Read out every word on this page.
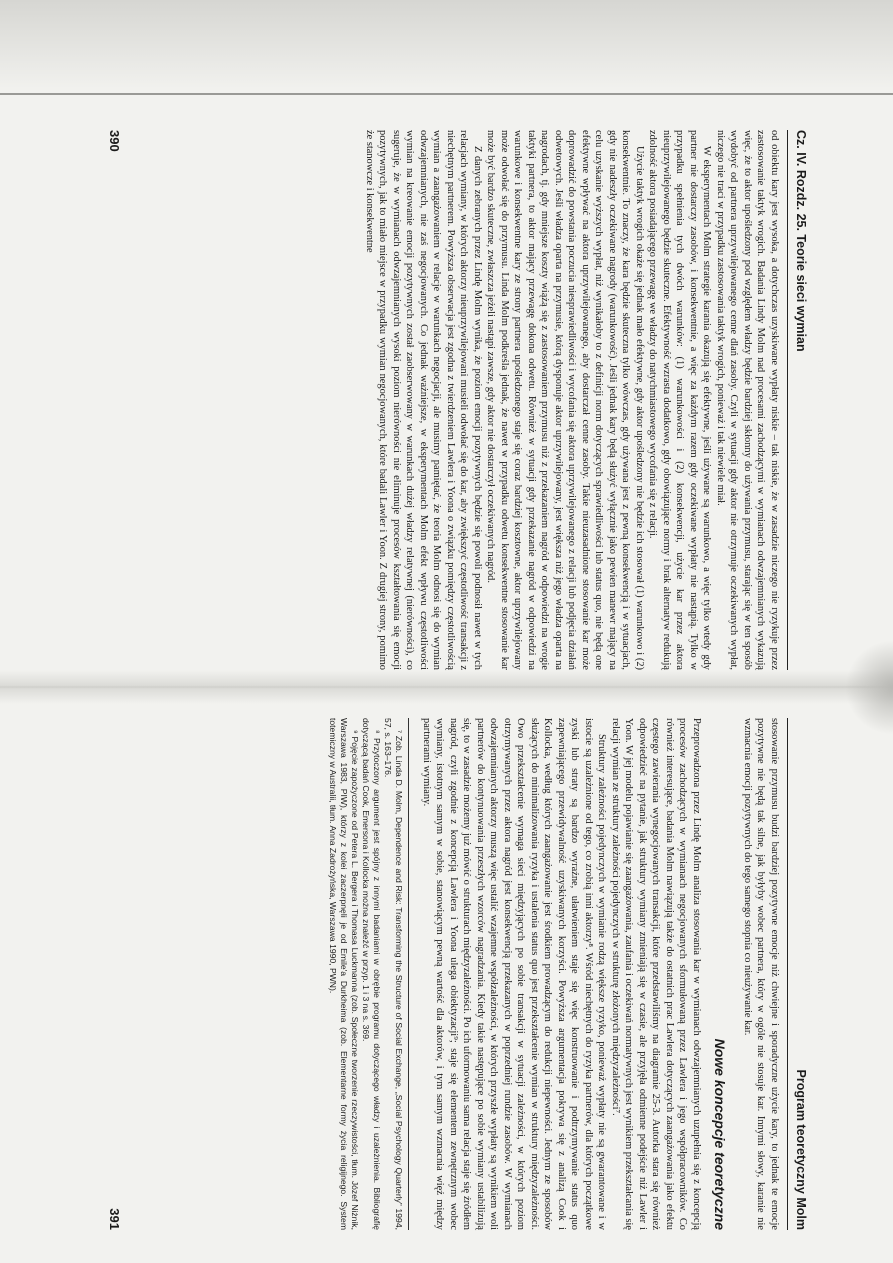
Cz. IV. Rozdz. 25. Teorie sieci wymian

od obiektu kary jest wysoka, a dotychczas uzyskiwane wypłaty niskie – tak niskie, że w zasadzie niczego nie ryzykuje przez zastosowanie taktyk wrogich. Badania Lindy Molm nad procesami zachodzącymi w wymianach odwzajemnianych wykazują więc, że to aktor upośledzony pod względem władzy będzie bardziej skłonny do używania przymusu, starając się w ten sposób wydobyć od partnera uprzywilejowanego cenne dlań zasoby. Czyli w sytuacji gdy aktor nie otrzymuje oczekiwanych wypłat, niczego nie traci w przypadku zastosowania taktyk wrogich, ponieważ i tak niewiele miał.

W eksperymentach Molm strategie karania okazują się efektywne, jeśli używane są warunkowo, a więc tylko wtedy gdy partner nie dostarczy zasobów, i konsekwentnie, a więc za każdym razem gdy oczekiwane wypłaty nie nastąpią. Tylko w przypadku spełnienia tych dwóch warunków: (1) warunkowości i (2) konsekwencji, użycie kar przez aktora nieuprzywilejowanego będzie skuteczne. Efektywność wzrasta dodatkowo, gdy obowiązujące normy i brak alternatyw redukują zdolność aktora posiadającego przewagę we władzy do natychmiastowego wycofania się z relacji.

Użycie taktyk wrogich okaże się jednak mało efektywne, gdy aktor upośledzony nie będzie ich stosował (1) warunkowo i (2) konsekwentnie. To znaczy, że kara będzie skuteczna tylko wówczas, gdy używana jest z pewną konsekwencją i w sytuacjach, gdy nie nadeszły oczekiwane nagrody (warunkowość). Jeśli jednak kary będą służyć wyłącznie jako pewien manewr mający na celu uzyskanie wyższych wypłat, niż wynikałoby to z definicji norm dotyczących sprawiedliwości lub status quo, nie będą one efektywne wpływać na aktora uprzywilejowanego, aby dostarczał cenne zasoby. Takie nieuzasadnione stosowanie kar może doprowadzić do powstania poczucia niesprawiedliwości i wycofania się aktora uprzywilejowanego z relacji lub podjęcia działań odwetowych. Jeśli władza oparta na przymusie, którą dysponuje aktor uprzywilejowany, jest większa niż jego władza oparta na nagrodach, tj. gdy mniejsze koszty wiążą się z zastosowaniem przymusu niż z przekazaniem nagród w odpowiedzi na wrogie taktyki partnera, to aktor mający przewagę dokona odwetu. Również w sytuacji gdy przekazanie nagród w odpowiedzi na warunkowe i konsekwentne kary ze strony partnera upośledzonego staje się coraz bardziej kosztowne, aktor uprzywilejowany może odwołać się do przymusu. Linda Molm podkreśla jednak, że nawet w przypadku odwetu konsekwentne stosowanie kar może być bardzo skuteczne, zwłaszcza jeżeli nastąpi zawsze, gdy aktor nie dostarczył oczekiwanych nagród.

Z danych zebranych przez Lindę Molm wynika, że poziom emocji pozytywnych będzie się powoli podnosił nawet w tych relacjach wymiany, w których aktorzy nieuprzywilejowani musieli odwołać się do kar, aby zwiększyć częstotliwość transakcji z niechętnym partnerem. Powyższa obserwacja jest zgodna z twierdzeniem Lawlera i Yoona o związku pomiędzy częstotliwością wymian a zaangażowaniem w relacje w warunkach negocjacji, ale musimy pamiętać, że teoria Molm odnosi się do wymian odwzajemnianych, nie zaś negocjowanych. Co jednak ważniejsze, w eksperymentach Molm efekt wpływu częstotliwości wymian na kreowanie emocji pozytywnych został zaobserwowany w warunkach dużej władzy relatywnej (nierówności), co sugeruje, że w wymianach odwzajemnianych wysoki poziom nierówności nie eliminuje procesów kształtowania się emocji pozytywnych, jak to miało miejsce w przypadku wymian negocjowanych, które badali Lawler i Yoon. Z drugiej strony, pomimo że stanowcze i konsekwentne

390
Program teoretyczny Molm

stosowanie przymusu budzi bardziej pozytywne emocje niż chwiejne i sporadyczne użycie kary, to jednak te emocje pozytywne nie będą tak silne, jak byłyby wobec partnera, który w ogóle nie stosuje kar. Innymi słowy, karanie nie wzmacnia emocji pozytywnych do tego samego stopnia co nieużywanie kar.

Nowe koncepcje teoretyczne

Przeprowadzona przez Lindę Molm analiza stosowania kar w wymianach odwzajemnianych uzupełnia się z koncepcją procesów zachodzących w wymianach negocjowanych sformułowaną przez Lawlera i jego współpracowników. Co również interesujące, badania Molm nawiązują także do ostatnich prac Lawlera dotyczących zaangażowania jako efektu częstego zawierania wynegocjowanych transakcji, które przedstawiliśmy na diagramie 25-3. Autorka stara się również odpowiedzieć na pytanie, jak struktury wymiany zmieniają się w czasie, ale przyjęła odmienne podejście niż Lawler i Yoon. W jej modelu pojawianie się zaangażowania, zaufania i oczekiwań normatywnych jest wynikiem przekształcania się relacji wymian ze struktury zależności pojedynczych w strukturę złożonych międzyzależności⁷.

Struktury zależności pojedynczych w wymianie rodzą większe ryzyko, ponieważ wypłaty nie są gwarantowane i w istocie są uzależnione od tego, co zrobią inni aktorzy⁸. Wśród niechętnych do ryzyka partnerów, dla których początkowe zyski lub straty są bardzo wyraźne, ułatwieniem staje się więc konstruowanie i podtrzymywanie status quo zapewniającego przewidywalność uzyskiwanych korzyści. Powyższa argumentacja pokrywa się z analizą Cook i Kollocka, według których zaangażowanie jest środkiem prowadzącym do redukcji niepewności. Jednym ze sposobów służących do minimalizowania ryzyka i ustalenia status quo jest przekształcenie wymian w struktury międzyzależności. Owo przekształcenie wymaga sieci międzyjących po sobie transakcji w sytuacji zależności, w których poziom otrzymywanych przez aktora nagród jest konsekwencją przekazanych w poprzedniej rundzie zasobów. W wymianach odwzajemnianych aktorzy muszą więc ustalić wzajemne współzależności, w których przyszłe wypłaty są wynikiem woli partnerów do kontynuowania przeszłych wzorców nagradzania. Kiedy takie następujące po sobie wymiany ustabilizują się, to w zasadzie możemy już mówić o strukturach międzyzależności. Po ich uformowaniu sama relacja staje się źródłem nagród, czyli zgodnie z koncepcją Lawlera i Yoona ulega obiektyzacji⁹; staje się elementem zewnętrznym wobec wymiany, istotnym samym w sobie, stanowiącym pewną wartość dla aktorów, i tym samym wzmacnia więź między partnerami wymiany.

⁷ Zob. Linda D. Molm, Dependence and Risk: Transforming the Structure of Social Exchange, „Social Psychology Quarterly” 1994, 57, s. 163–176.

⁸ Przytoczony argument jest spójny z innymi badaniami w obrębie programu dotyczącego władzy i uzależnienia. Bibliografię dotyczącą badań Cook, Emersona i Kollocka można znaleźć w przyp. 1 i 3 na s. 369.

⁹ Pojęcie zapożyczone od Petera L. Bergera i Thomasa Luckmanna (zob. Społeczne tworzenie rzeczywistości, tłum. Józef Niżnik, Warszawa 1983, PIW), którzy z kolei zaczerpnęli je od Emile'a Durkheima (zob. Elementarne formy życia religijnego. System totemiczny w Australii, tłum. Anna Zadrożyńska, Warszawa 1990, PWN).

391
